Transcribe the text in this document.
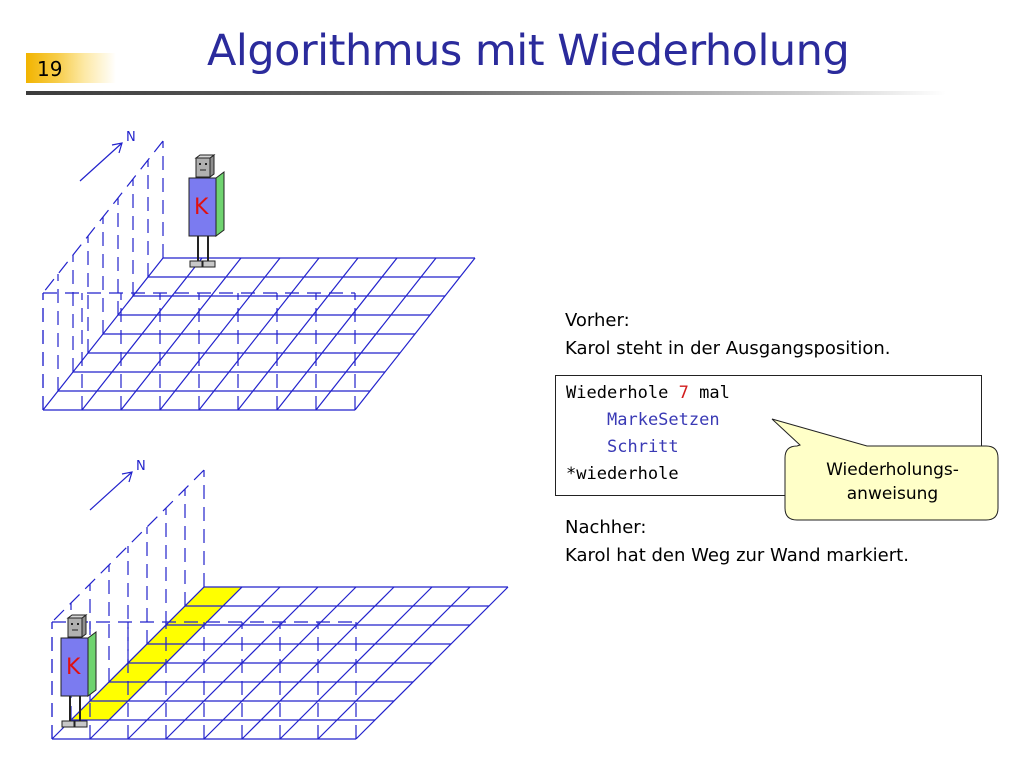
19	Algorithmus mit Wiederholung
N
K
N
K
Vorher:
Karol steht in der Ausgangsposition.
Wiederhole 7 mal
MarkeSetzen
Schritt
*wiederhole	Wiederholungs-
anweisung
Nachher:
Karol hat den Weg zur Wand markiert.
